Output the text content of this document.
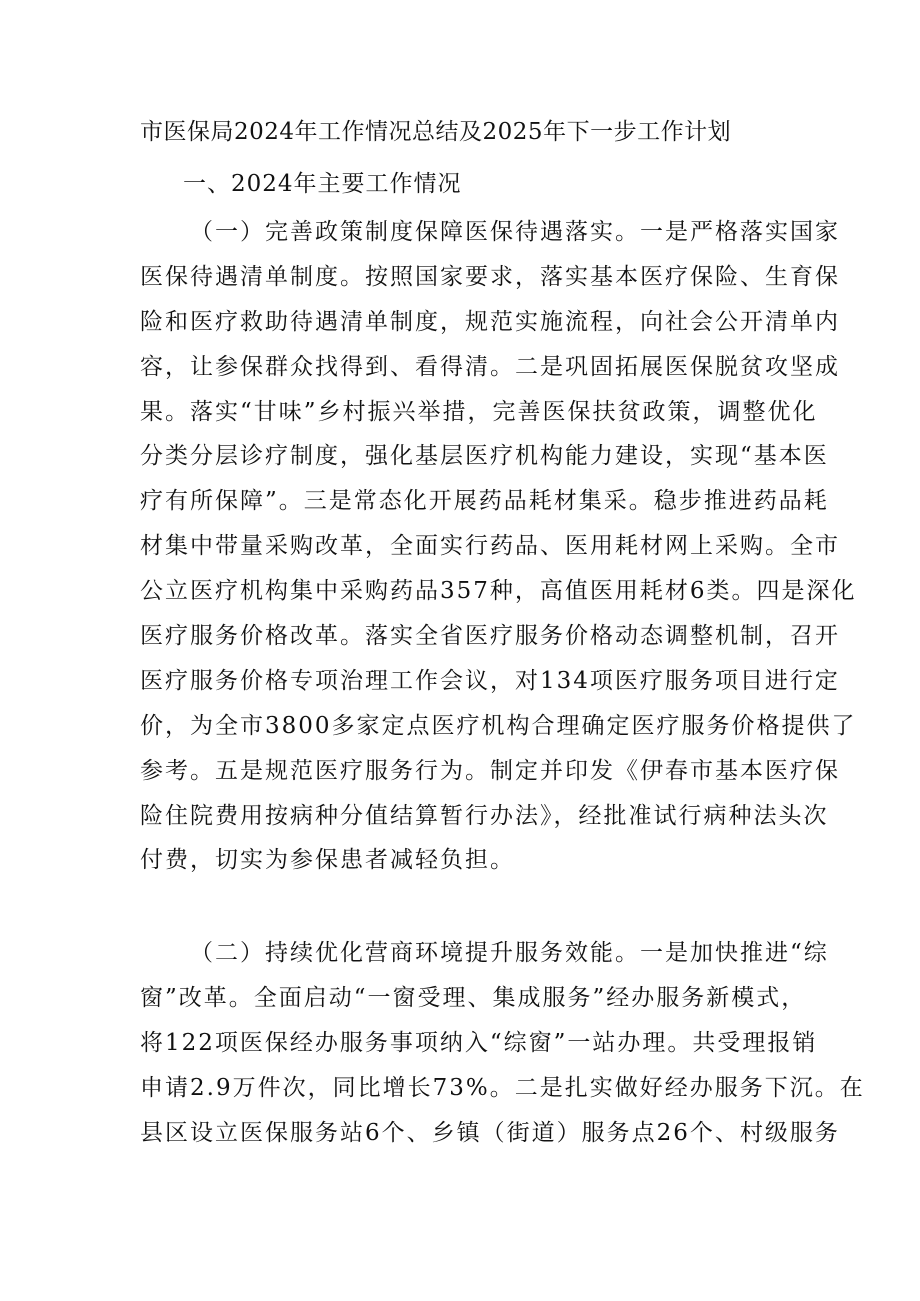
市医保局2024年工作情况总结及2025年下一步工作计划
一、2024年主要工作情况
（一）完善政策制度保障医保待遇落实。一是严格落实国家
医保待遇清单制度。按照国家要求，落实基本医疗保险、生育保
险和医疗救助待遇清单制度，规范实施流程，向社会公开清单内
容，让参保群众找得到、看得清。二是巩固拓展医保脱贫攻坚成
果。落实“甘味”乡村振兴举措，完善医保扶贫政策，调整优化
分类分层诊疗制度，强化基层医疗机构能力建设，实现“基本医
疗有所保障”。三是常态化开展药品耗材集采。稳步推进药品耗
材集中带量采购改革，全面实行药品、医用耗材网上采购。全市
公立医疗机构集中采购药品357种，高值医用耗材6类。四是深化
医疗服务价格改革。落实全省医疗服务价格动态调整机制，召开
医疗服务价格专项治理工作会议，对134项医疗服务项目进行定
价，为全市3800多家定点医疗机构合理确定医疗服务价格提供了
参考。五是规范医疗服务行为。制定并印发《伊春市基本医疗保
险住院费用按病种分值结算暂行办法》，经批准试行病种法头次
付费，切实为参保患者减轻负担。
（二）持续优化营商环境提升服务效能。一是加快推进“综
窗”改革。全面启动“一窗受理、集成服务”经办服务新模式，
将122项医保经办服务事项纳入“综窗”一站办理。共受理报销
申请2.9万件次，同比增长73%。二是扎实做好经办服务下沉。在
县区设立医保服务站6个、乡镇（街道）服务点26个、村级服务
